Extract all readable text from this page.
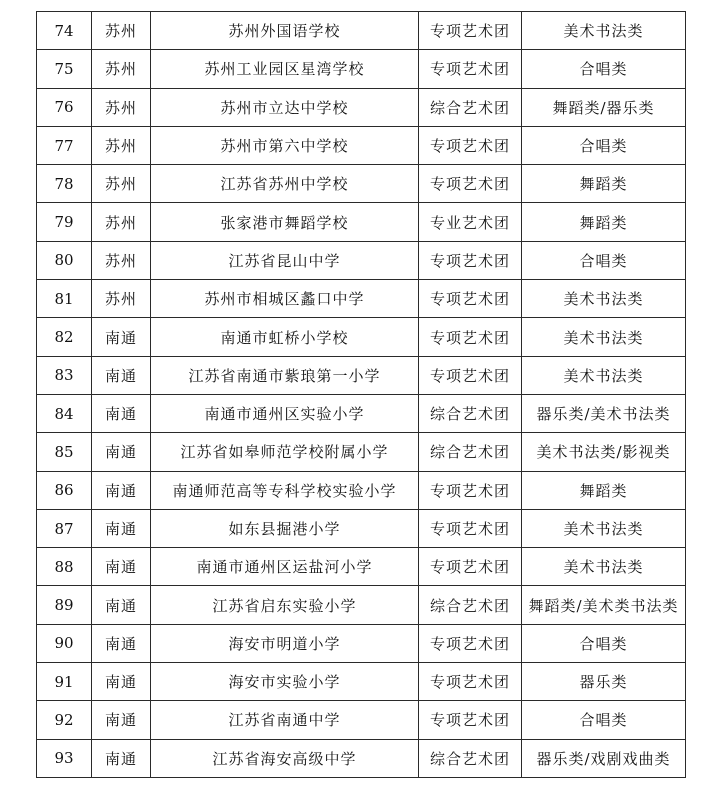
74	苏州	苏州外国语学校	专项艺术团	美术书法类
75	苏州	苏州工业园区星湾学校	专项艺术团	合唱类
76	苏州	苏州市立达中学校	综合艺术团	舞蹈类/器乐类
77	苏州	苏州市第六中学校	专项艺术团	合唱类
78	苏州	江苏省苏州中学校	专项艺术团	舞蹈类
79	苏州	张家港市舞蹈学校	专业艺术团	舞蹈类
80	苏州	江苏省昆山中学	专项艺术团	合唱类
81	苏州	苏州市相城区蠡口中学	专项艺术团	美术书法类
82	南通	南通市虹桥小学校	专项艺术团	美术书法类
83	南通	江苏省南通市紫琅第一小学	专项艺术团	美术书法类
84	南通	南通市通州区实验小学	综合艺术团	器乐类/美术书法类
85	南通	江苏省如皋师范学校附属小学	综合艺术团	美术书法类/影视类
86	南通	南通师范高等专科学校实验小学	专项艺术团	舞蹈类
87	南通	如东县掘港小学	专项艺术团	美术书法类
88	南通	南通市通州区运盐河小学	专项艺术团	美术书法类
89	南通	江苏省启东实验小学	综合艺术团	舞蹈类/美术类书法类
90	南通	海安市明道小学	专项艺术团	合唱类
91	南通	海安市实验小学	专项艺术团	器乐类
92	南通	江苏省南通中学	专项艺术团	合唱类
93	南通	江苏省海安高级中学	综合艺术团	器乐类/戏剧戏曲类
